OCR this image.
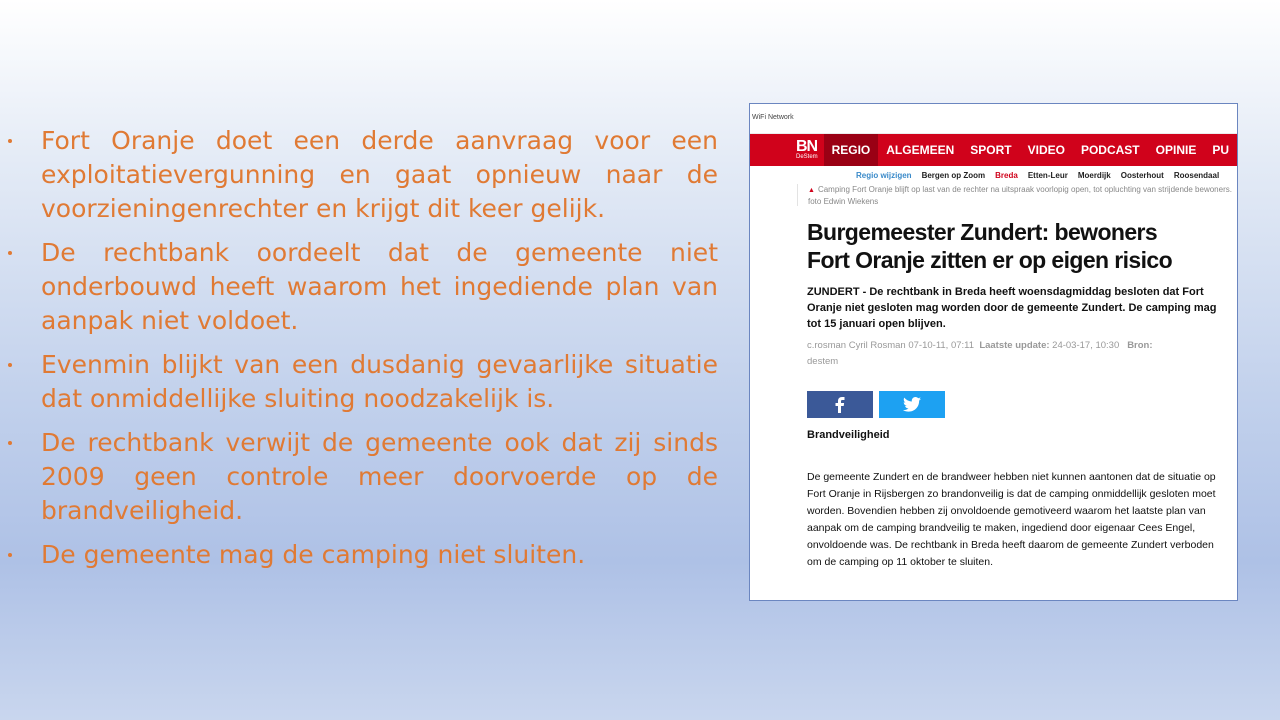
Fort Oranje doet een derde aanvraag voor een exploitatievergunning en gaat opnieuw naar de voorzieningenrechter en krijgt dit keer gelijk.
De rechtbank oordeelt dat de gemeente niet onderbouwd heeft waarom het ingediende plan van aanpak niet voldoet.
Evenmin blijkt van een dusdanig gevaarlijke situatie dat onmiddellijke sluiting noodzakelijk is.
De rechtbank verwijt de gemeente ook dat zij sinds 2009 geen controle meer doorvoerde op de brandveiligheid.
De gemeente mag de camping niet sluiten.
WiFi Network
BN
DeStem	REGIO	ALGEMEEN	SPORT	VIDEO	PODCAST	OPINIE	PU
Regio wijzigen Bergen op Zoom Breda Etten-Leur Moerdijk Oosterhout Roosendaal
▲ Camping Fort Oranje blijft op last van de rechter na uitspraak voorlopig open, tot opluchting van strijdende bewoners. foto Edwin Wiekens
Burgemeester Zundert: bewoners
Fort Oranje zitten er op eigen risico

ZUNDERT - De rechtbank in Breda heeft woensdagmiddag besloten dat Fort Oranje niet gesloten mag worden door de gemeente Zundert. De camping mag tot 15 januari open blijven.

c.rosman Cyril Rosman 07-10-11, 07:11 Laatste update: 24-03-17, 10:30 Bron:
destem
Brandveiligheid
De gemeente Zundert en de brandweer hebben niet kunnen aantonen dat de situatie op Fort Oranje in Rijsbergen zo brandonveilig is dat de camping onmiddellijk gesloten moet worden. Bovendien hebben zij onvoldoende gemotiveerd waarom het laatste plan van aanpak om de camping brandveilig te maken, ingediend door eigenaar Cees Engel, onvoldoende was. De rechtbank in Breda heeft daarom de gemeente Zundert verboden om de camping op 11 oktober te sluiten.
